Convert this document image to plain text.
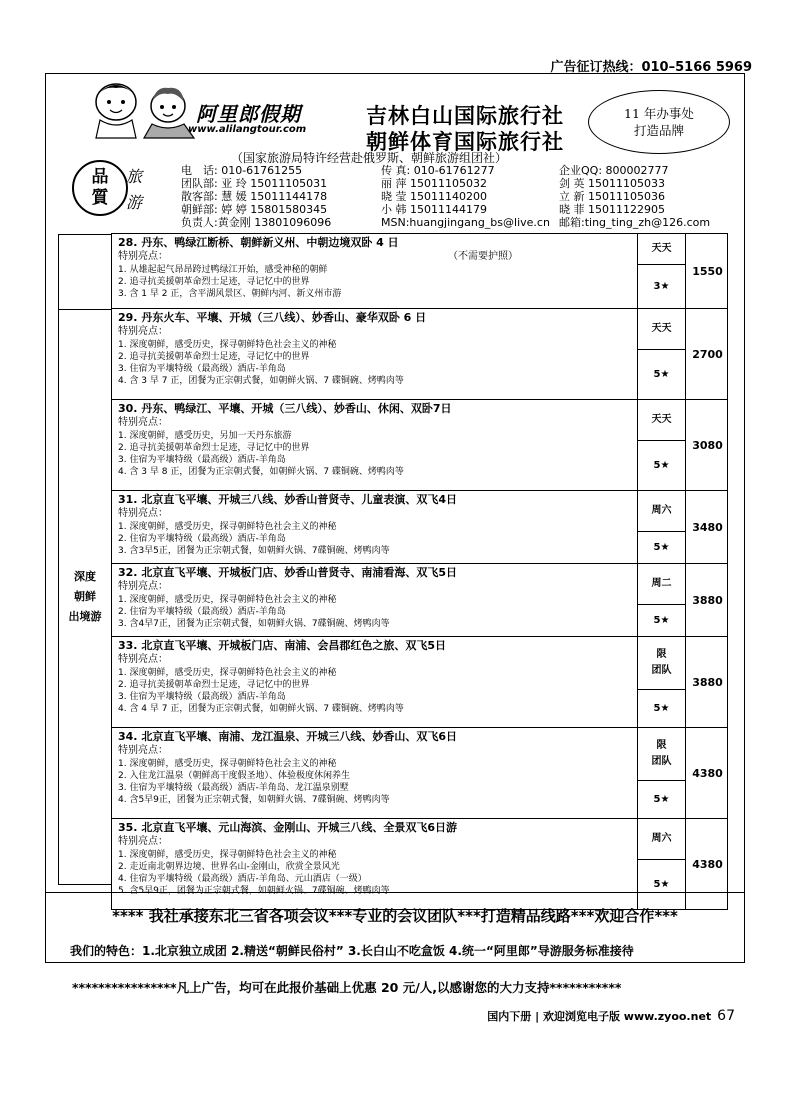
广告征订热线：010–5166 5969
阿里郎假期
www.alilangtour.com
吉林白山国际旅行社
朝鲜体育国际旅行社
11 年办事处
打造品牌
品
質
旅
游
（国家旅游局特许经营赴俄罗斯、朝鲜旅游组团社）
电　话: 010-61761255	传 真: 010-61761277	企业QQ: 800002777
团队部: 亚 玲 15011105031	丽 萍 15011105032	剑 英 15011105033
散客部: 慧 媛 15011144178	晓 莹 15011140200	立 新 15011105036
朝鲜部: 婷 婷 15801580345	小 韩 15011144179	晓 菲 15011122905
负责人:黄金刚 13801096096	MSN:huangjingang_bs@live.cn 邮箱:ting_ting_zh@126.com
深度
朝鲜
出境游
28. 丹东、鸭绿江断桥、朝鲜新义州、中朝边境双卧 4 日
特别亮点：	（不需要护照）
1. 从雄起起气昂昂跨过鸭绿江开始，感受神秘的朝鲜
2. 追寻抗美援朝革命烈士足迹，寻记忆中的世界
3. 含 1 早 2 正，含平湖风景区、朝鲜内河、新义州市游
天天
3★
1550
29. 丹东火车、平壤、开城（三八线）、妙香山、豪华双卧 6 日
特别亮点：
1. 深度朝鲜，感受历史，探寻朝鲜特色社会主义的神秘
2. 追寻抗美援朝革命烈士足迹，寻记忆中的世界
3. 住宿为平壤特级（最高级）酒店-羊角岛
4. 含 3 早 7 正，团餐为正宗朝式餐，如朝鲜火锅、7 碟铜碗、烤鸭肉等
天天
5★
2700
30. 丹东、鸭绿江、平壤、开城（三八线）、妙香山、休闲、双卧7日
特别亮点：
1. 深度朝鲜，感受历史，另加一天丹东旅游
2. 追寻抗美援朝革命烈士足迹，寻记忆中的世界
3. 住宿为平壤特级（最高级）酒店-羊角岛
4. 含 3 早 8 正，团餐为正宗朝式餐，如朝鲜火锅、7 碟铜碗、烤鸭肉等
天天
5★
3080
31. 北京直飞平壤、开城三八线、妙香山普贤寺、儿童表演、双飞4日
特别亮点：
1. 深度朝鲜，感受历史，探寻朝鲜特色社会主义的神秘
2. 住宿为平壤特级（最高级）酒店-羊角岛
3. 含3早5正，团餐为正宗朝式餐，如朝鲜火锅、7碟铜碗、烤鸭肉等
周六
5★
3480
32. 北京直飞平壤、开城板门店、妙香山普贤寺、南浦看海、双飞5日
特别亮点：
1. 深度朝鲜，感受历史，探寻朝鲜特色社会主义的神秘
2. 住宿为平壤特级（最高级）酒店-羊角岛
3. 含4早7正，团餐为正宗朝式餐，如朝鲜火锅、7碟铜碗、烤鸭肉等
周二
5★
3880
33. 北京直飞平壤、开城板门店、南浦、会昌郡红色之旅、双飞5日
特别亮点：
1. 深度朝鲜，感受历史，探寻朝鲜特色社会主义的神秘
2. 追寻抗美援朝革命烈士足迹，寻记忆中的世界
3. 住宿为平壤特级（最高级）酒店-羊角岛
4. 含 4 早 7 正，团餐为正宗朝式餐，如朝鲜火锅、7 碟铜碗、烤鸭肉等
限
团队
5★
3880
34. 北京直飞平壤、南浦、龙江温泉、开城三八线、妙香山、双飞6日
特别亮点：
1. 深度朝鲜，感受历史，探寻朝鲜特色社会主义的神秘
2. 入住龙江温泉（朝鲜高干度假圣地）、体验极度休闲养生
3. 住宿为平壤特级（最高级）酒店-羊角岛、龙江温泉别墅
4. 含5早9正，团餐为正宗朝式餐，如朝鲜火锅、7碟铜碗、烤鸭肉等
限
团队
5★
4380
35. 北京直飞平壤、元山海滨、金刚山、开城三八线、全景双飞6日游
特别亮点：
1. 深度朝鲜，感受历史，探寻朝鲜特色社会主义的神秘
2. 走近南北朝界边境、世界名山-金刚山，欣赏全景风光
4. 住宿为平壤特级（最高级）酒店-羊角岛、元山酒店（一级）
5. 含5早9正，团餐为正宗朝式餐，如朝鲜火锅、7碟铜碗、烤鸭肉等
周六
5★
4380
**** 我社承接东北三省各项会议***专业的会议团队***打造精品线路***欢迎合作***
我们的特色：1.北京独立成团 2.精送“朝鲜民俗村” 3.长白山不吃盒饭 4.统一“阿里郎”导游服务标准接待
****************凡上广告，均可在此报价基础上优惠 20 元/人,以感谢您的大力支持***********
国内下册 | 欢迎浏览电子版 www.zyoo.net 67
